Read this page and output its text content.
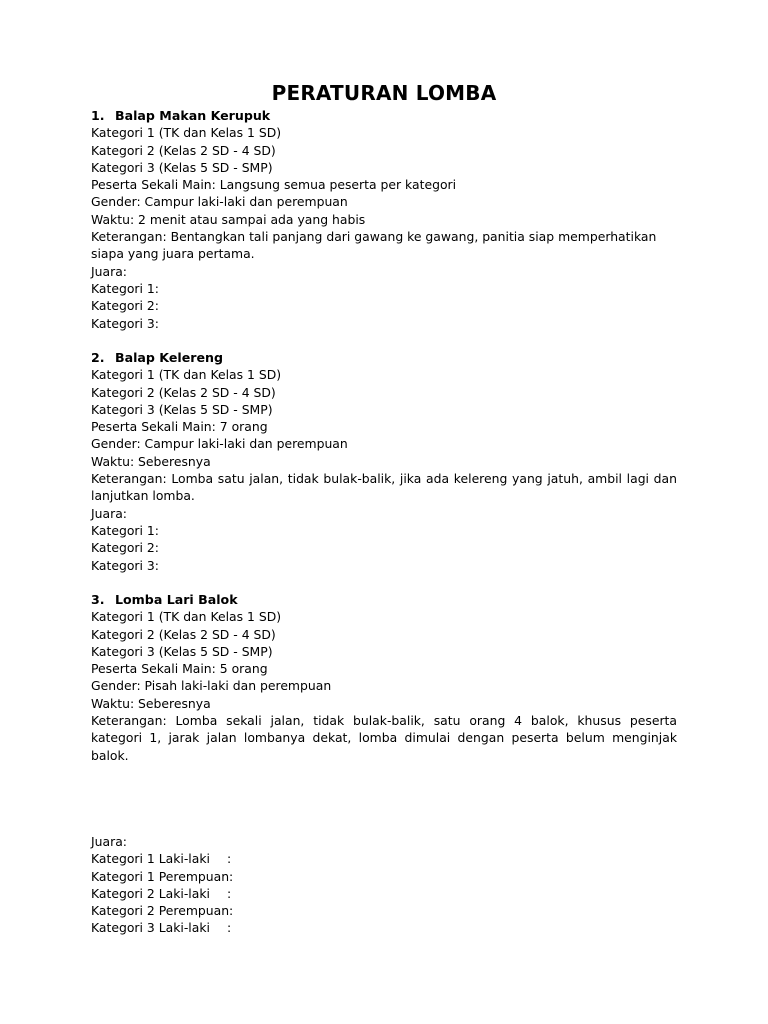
PERATURAN LOMBA
1. Balap Makan Kerupuk
Kategori 1 (TK dan Kelas 1 SD)
Kategori 2 (Kelas 2 SD - 4 SD)
Kategori 3 (Kelas 5 SD - SMP)
Peserta Sekali Main: Langsung semua peserta per kategori
Gender: Campur laki-laki dan perempuan
Waktu: 2 menit atau sampai ada yang habis
Keterangan: Bentangkan tali panjang dari gawang ke gawang, panitia siap memperhatikan siapa yang juara pertama.
Juara:
Kategori 1:
Kategori 2:
Kategori 3:
2. Balap Kelereng
Kategori 1 (TK dan Kelas 1 SD)
Kategori 2 (Kelas 2 SD - 4 SD)
Kategori 3 (Kelas 5 SD - SMP)
Peserta Sekali Main: 7 orang
Gender: Campur laki-laki dan perempuan
Waktu: Seberesnya
Keterangan: Lomba satu jalan, tidak bulak-balik, jika ada kelereng yang jatuh, ambil lagi dan lanjutkan lomba.
Juara:
Kategori 1:
Kategori 2:
Kategori 3:
3. Lomba Lari Balok
Kategori 1 (TK dan Kelas 1 SD)
Kategori 2 (Kelas 2 SD - 4 SD)
Kategori 3 (Kelas 5 SD - SMP)
Peserta Sekali Main: 5 orang
Gender: Pisah laki-laki dan perempuan
Waktu: Seberesnya
Keterangan: Lomba sekali jalan, tidak bulak-balik, satu orang 4 balok, khusus peserta kategori 1, jarak jalan lombanya dekat, lomba dimulai dengan peserta belum menginjak balok.
Juara:
Kategori 1 Laki-laki :
Kategori 1 Perempuan:
Kategori 2 Laki-laki :
Kategori 2 Perempuan:
Kategori 3 Laki-laki :
